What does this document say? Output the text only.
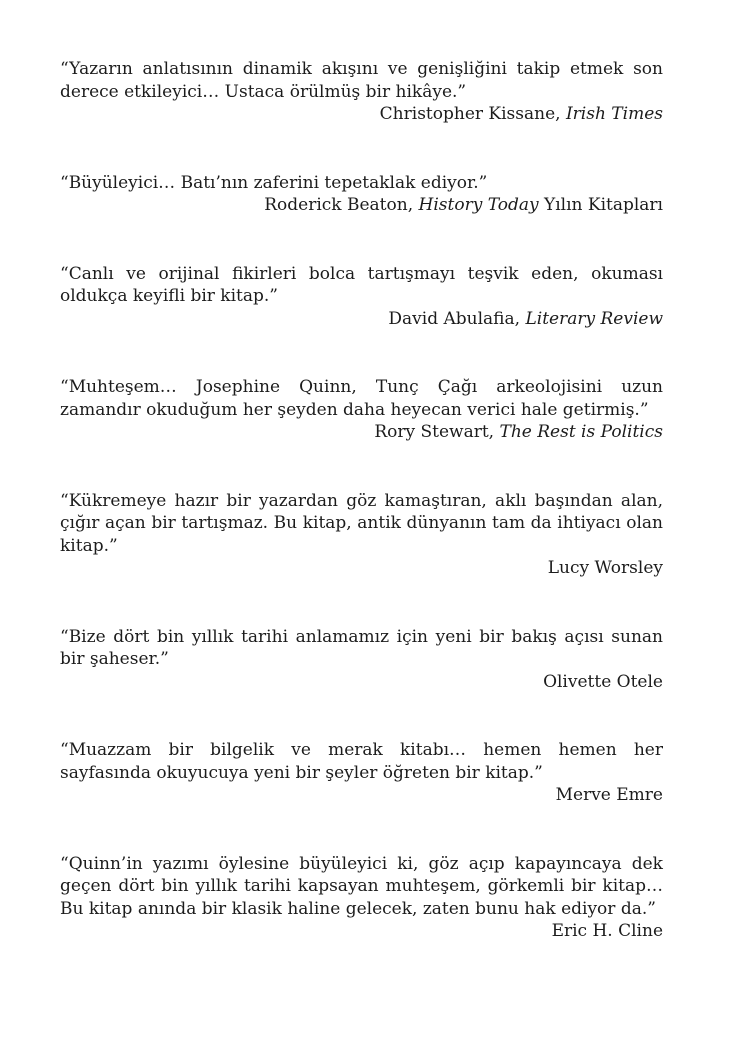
“Yazarın anlatısının dinamik akışını ve genişliğini takip etmek son derece etkileyici… Ustaca örülmüş bir hikâye.”

Christopher Kissane, Irish Times

“Büyüleyici… Batı’nın zaferini tepetaklak ediyor.”

Roderick Beaton, History Today Yılın Kitapları

“Canlı ve orijinal fikirleri bolca tartışmayı teşvik eden, okuması oldukça keyifli bir kitap.”

David Abulafia, Literary Review

“Muhteşem… Josephine Quinn, Tunç Çağı arkeolojisini uzun zamandır okuduğum her şeyden daha heyecan verici hale getirmiş.”

Rory Stewart, The Rest is Politics

“Kükremeye hazır bir yazardan göz kamaştıran, aklı başından alan, çığır açan bir tartışmaz. Bu kitap, antik dünyanın tam da ihtiyacı olan kitap.”

Lucy Worsley

“Bize dört bin yıllık tarihi anlamamız için yeni bir bakış açısı sunan bir şaheser.”

Olivette Otele

“Muazzam bir bilgelik ve merak kitabı… hemen hemen her sayfasında okuyucuya yeni bir şeyler öğreten bir kitap.”

Merve Emre

“Quinn’in yazımı öylesine büyüleyici ki, göz açıp kapayıncaya dek geçen dört bin yıllık tarihi kapsayan muhteşem, görkemli bir kitap… Bu kitap anında bir klasik haline gelecek, zaten bunu hak ediyor da.”

Eric H. Cline
